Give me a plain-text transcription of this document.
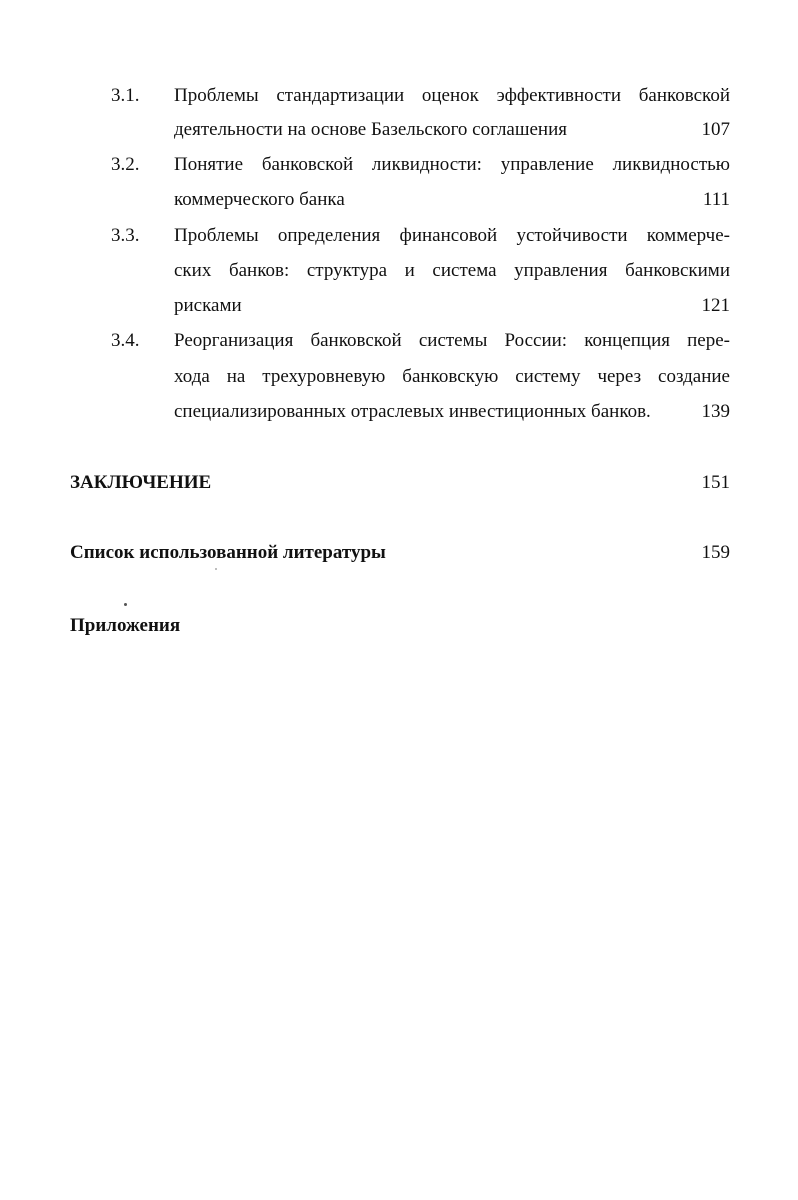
3.1. Проблемы стандартизации оценок эффективности банковской
деятельности на основе Базельского соглашения	107
3.2. Понятие банковской ликвидности: управление ликвидностью
коммерческого банка	111
3.3. Проблемы определения финансовой устойчивости коммерче-
ских банков: структура и система управления банковскими
рисками	121
3.4. Реорганизация банковской системы России: концепция пере-
хода на трехуровневую банковскую систему через создание
специализированных отраслевых инвестиционных банков.	139
ЗАКЛЮЧЕНИЕ	151
Список использованной литературы	159
Приложения
